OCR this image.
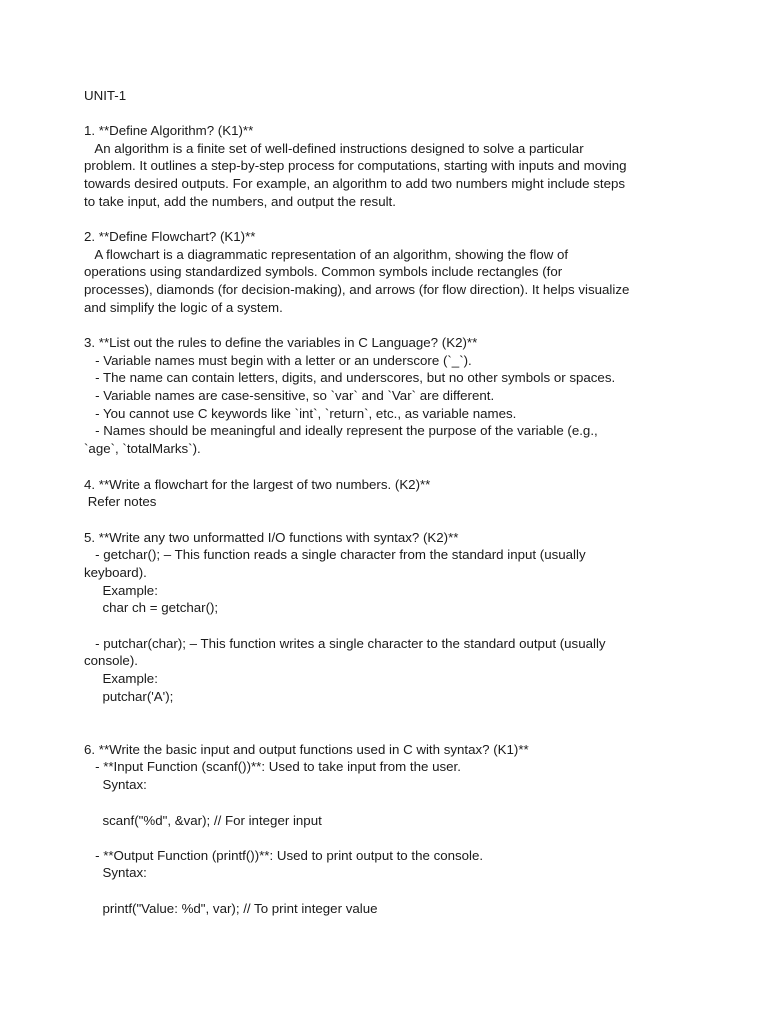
UNIT-1

1. **Define Algorithm? (K1)**

An algorithm is a finite set of well-defined instructions designed to solve a particular

problem. It outlines a step-by-step process for computations, starting with inputs and moving

towards desired outputs. For example, an algorithm to add two numbers might include steps

to take input, add the numbers, and output the result.

2. **Define Flowchart? (K1)**

A flowchart is a diagrammatic representation of an algorithm, showing the flow of

operations using standardized symbols. Common symbols include rectangles (for

processes), diamonds (for decision-making), and arrows (for flow direction). It helps visualize

and simplify the logic of a system.

3. **List out the rules to define the variables in C Language? (K2)**

- Variable names must begin with a letter or an underscore (`_`).

- The name can contain letters, digits, and underscores, but no other symbols or spaces.

- Variable names are case-sensitive, so `var` and `Var` are different.

- You cannot use C keywords like `int`, `return`, etc., as variable names.

- Names should be meaningful and ideally represent the purpose of the variable (e.g.,

`age`, `totalMarks`).

4. **Write a flowchart for the largest of two numbers. (K2)**

Refer notes

5. **Write any two unformatted I/O functions with syntax? (K2)**

- getchar(); – This function reads a single character from the standard input (usually

keyboard).

Example:

char ch = getchar();

- putchar(char); – This function writes a single character to the standard output (usually

console).

Example:

putchar('A');

6. **Write the basic input and output functions used in C with syntax? (K1)**

- **Input Function (scanf())**: Used to take input from the user.

Syntax:

scanf("%d", &var); // For integer input

- **Output Function (printf())**: Used to print output to the console.

Syntax:

printf("Value: %d", var); // To print integer value
